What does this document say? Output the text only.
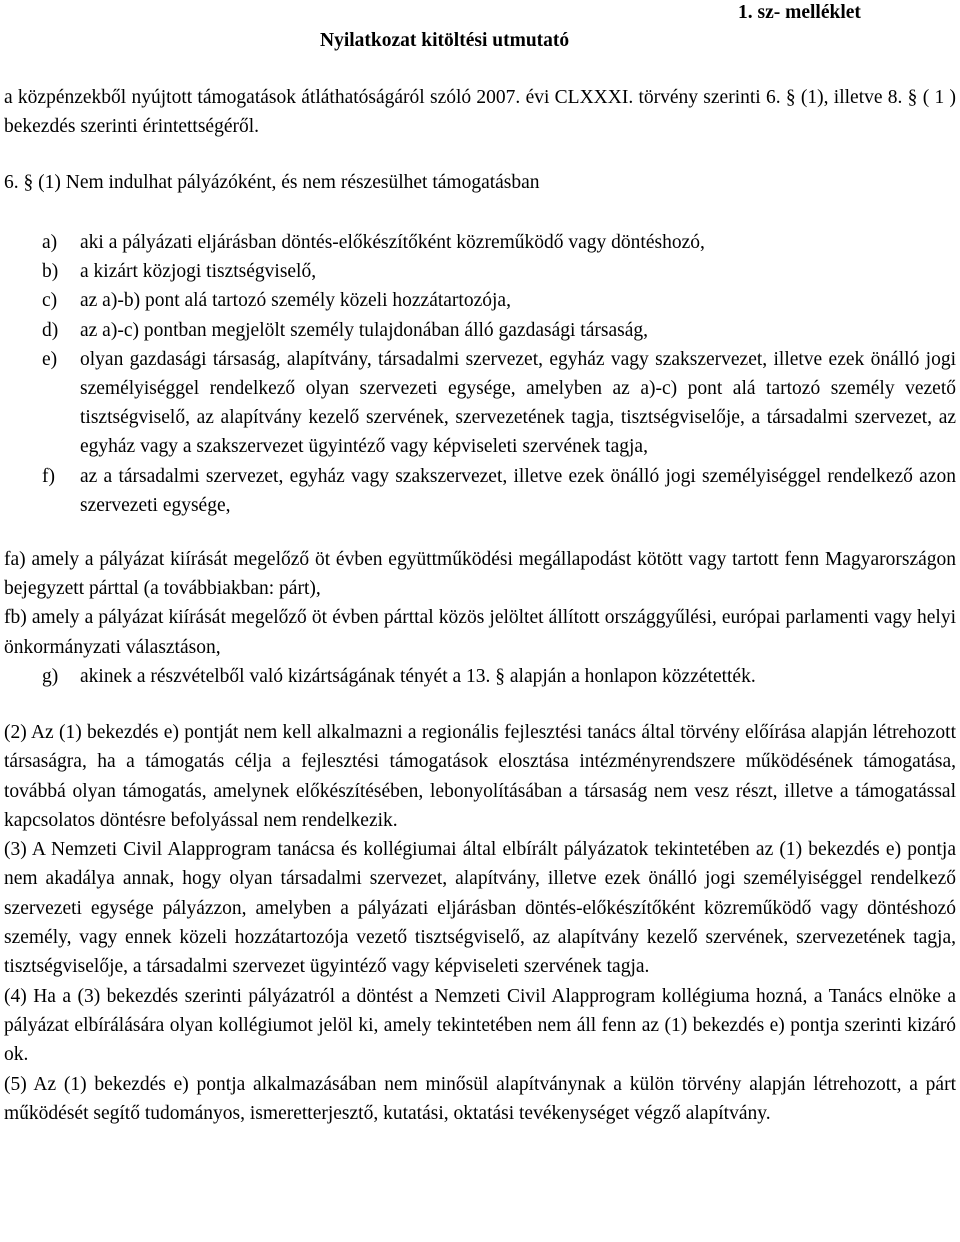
1. sz- melléklet
Nyilatkozat kitöltési utmutató

a közpénzekből nyújtott támogatások átláthatóságáról szóló 2007. évi CLXXXI. törvény szerinti 6. § (1), illetve 8. § ( 1 ) bekezdés szerinti érintettségéről.

6. § (1) Nem indulhat pályázóként, és nem részesülhet támogatásban

a)	aki a pályázati eljárásban döntés-előkészítőként közreműködő vagy döntéshozó,
b)	a kizárt közjogi tisztségviselő,
c)	az a)-b) pont alá tartozó személy közeli hozzátartozója,
d)	az a)-c) pontban megjelölt személy tulajdonában álló gazdasági társaság,
e)	olyan gazdasági társaság, alapítvány, társadalmi szervezet, egyház vagy szakszervezet, illetve ezek önálló jogi személyiséggel rendelkező olyan szervezeti egysége, amelyben az a)-c) pont alá tartozó személy vezető tisztségviselő, az alapítvány kezelő szervének, szervezetének tagja, tisztségviselője, a társadalmi szervezet, az egyház vagy a szakszervezet ügyintéző vagy képviseleti szervének tagja,
f)	az a társadalmi szervezet, egyház vagy szakszervezet, illetve ezek önálló jogi személyiséggel rendelkező azon szervezeti egysége,
fa) amely a pályázat kiírását megelőző öt évben együttműködési megállapodást kötött vagy tartott fenn Magyarországon bejegyzett párttal (a továbbiakban: párt),
fb) amely a pályázat kiírását megelőző öt évben párttal közös jelöltet állított országgyűlési, európai parlamenti vagy helyi önkormányzati választáson,
g)	akinek a részvételből való kizártságának tényét a 13. § alapján a honlapon közzétették.

(2) Az (1) bekezdés e) pontját nem kell alkalmazni a regionális fejlesztési tanács által törvény előírása alapján létrehozott társaságra, ha a támogatás célja a fejlesztési támogatások elosztása intézményrendszere működésének támogatása, továbbá olyan támogatás, amelynek előkészítésében, lebonyolításában a társaság nem vesz részt, illetve a támogatással kapcsolatos döntésre befolyással nem rendelkezik.

(3) A Nemzeti Civil Alapprogram tanácsa és kollégiumai által elbírált pályázatok tekintetében az (1) bekezdés e) pontja nem akadálya annak, hogy olyan társadalmi szervezet, alapítvány, illetve ezek önálló jogi személyiséggel rendelkező szervezeti egysége pályázzon, amelyben a pályázati eljárásban döntés-előkészítőként közreműködő vagy döntéshozó személy, vagy ennek közeli hozzátartozója vezető tisztségviselő, az alapítvány kezelő szervének, szervezetének tagja, tisztségviselője, a társadalmi szervezet ügyintéző vagy képviseleti szervének tagja.

(4) Ha a (3) bekezdés szerinti pályázatról a döntést a Nemzeti Civil Alapprogram kollégiuma hozná, a Tanács elnöke a pályázat elbírálására olyan kollégiumot jelöl ki, amely tekintetében nem áll fenn az (1) bekezdés e) pontja szerinti kizáró ok.

(5) Az (1) bekezdés e) pontja alkalmazásában nem minősül alapítványnak a külön törvény alapján létrehozott, a párt működését segítő tudományos, ismeretterjesztő, kutatási, oktatási tevékenységet végző alapítvány.
